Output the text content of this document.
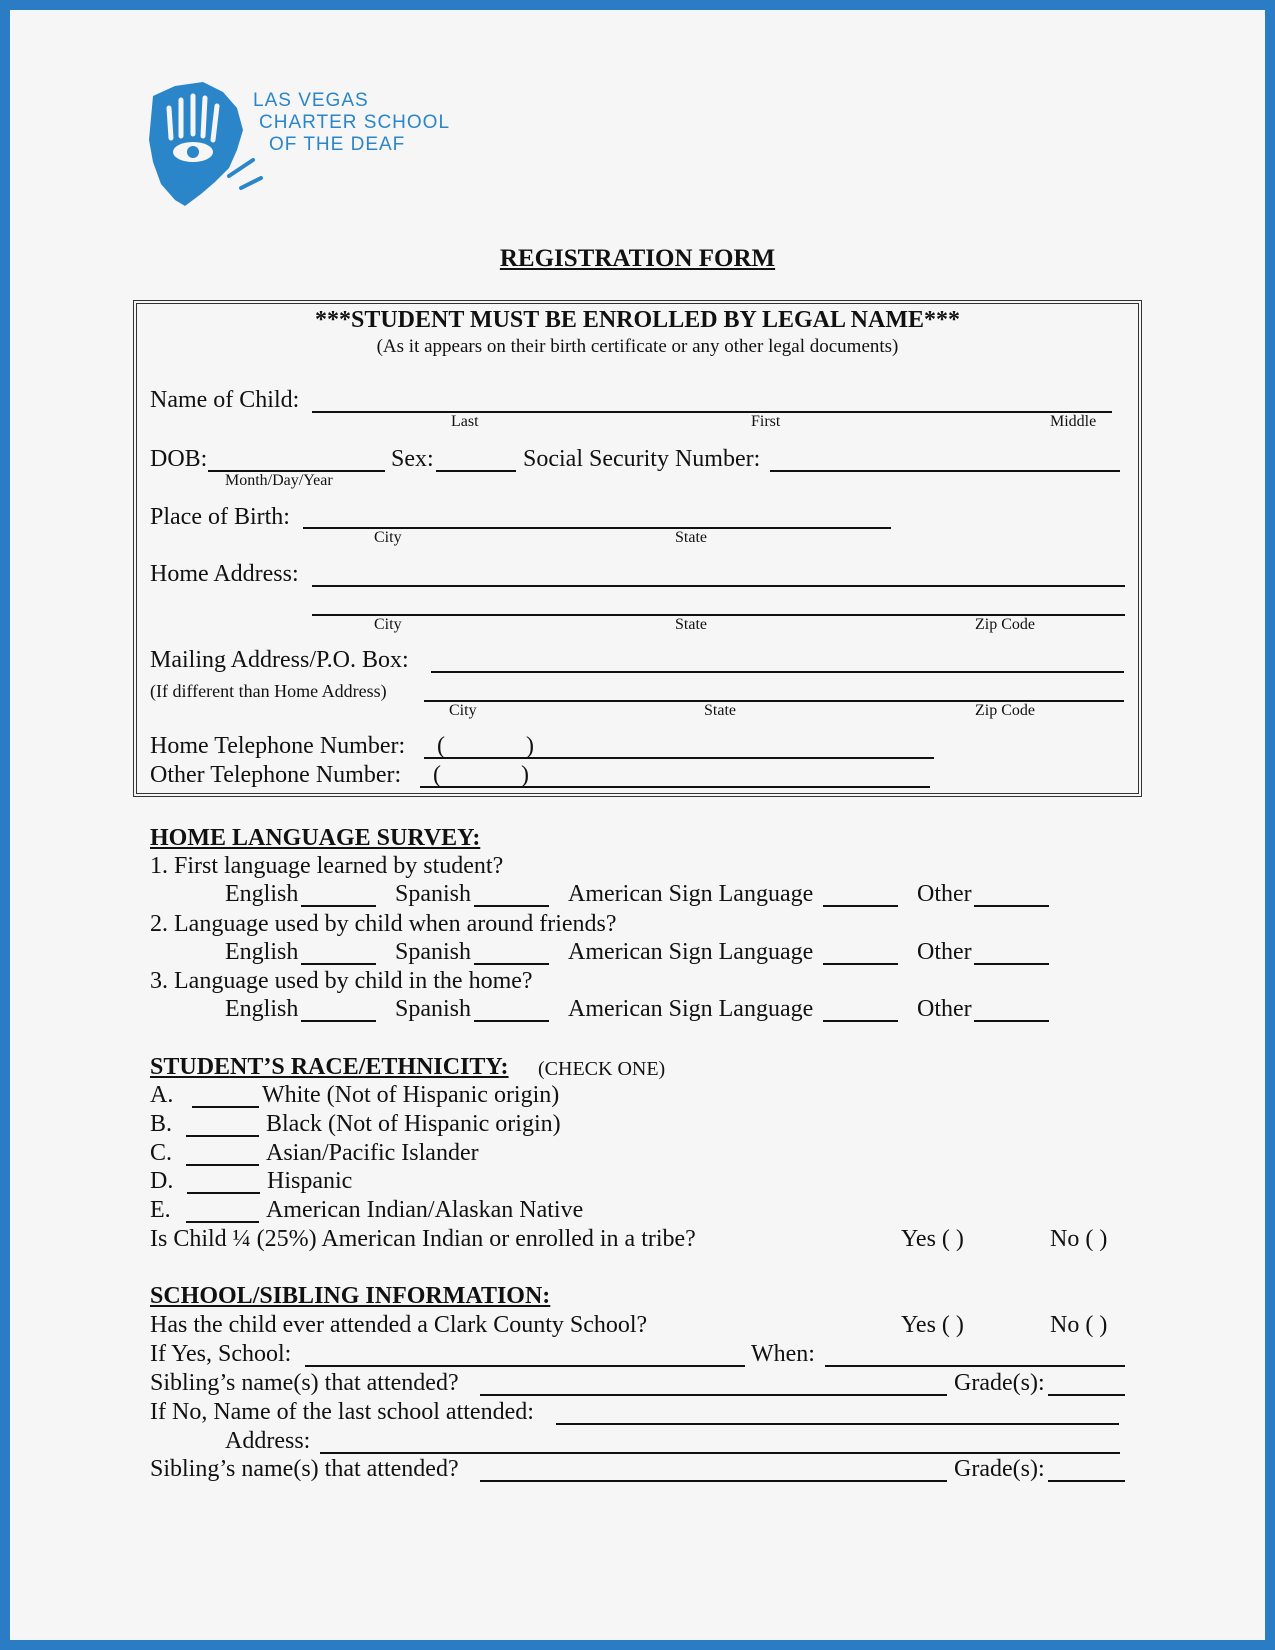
LAS VEGAS
CHARTER SCHOOL
OF THE DEAF
REGISTRATION FORM
***STUDENT MUST BE ENROLLED BY LEGAL NAME***
(As it appears on their birth certificate or any other legal documents)
Name of Child:
Last	First	Middle
DOB:
Month/Day/Year
Sex:	Social Security Number:
Place of Birth:
City	State
Home Address:
City	State	Zip Code
Mailing Address/P.O. Box:
(If different than Home Address)
City	State	Zip Code
Home Telephone Number: (	)
Other Telephone Number: (	)
HOME LANGUAGE SURVEY:
1. First language learned by student?
English	Spanish	American Sign Language	Other
2. Language used by child when around friends?
English	Spanish	American Sign Language	Other
3. Language used by child in the home?
English	Spanish	American Sign Language	Other
STUDENT’S RACE/ETHNICITY: (CHECK ONE)
A.	White (Not of Hispanic origin)
B.	Black (Not of Hispanic origin)
C.	Asian/Pacific Islander
D.	Hispanic
E.	American Indian/Alaskan Native
Is Child ¼ (25%) American Indian or enrolled in a tribe?	Yes ( )	No ( )
SCHOOL/SIBLING INFORMATION:
Has the child ever attended a Clark County School?	Yes ( )	No ( )
If Yes, School:	When:
Sibling’s name(s) that attended?	Grade(s):
If No, Name of the last school attended:
Address:
Sibling’s name(s) that attended?	Grade(s):
